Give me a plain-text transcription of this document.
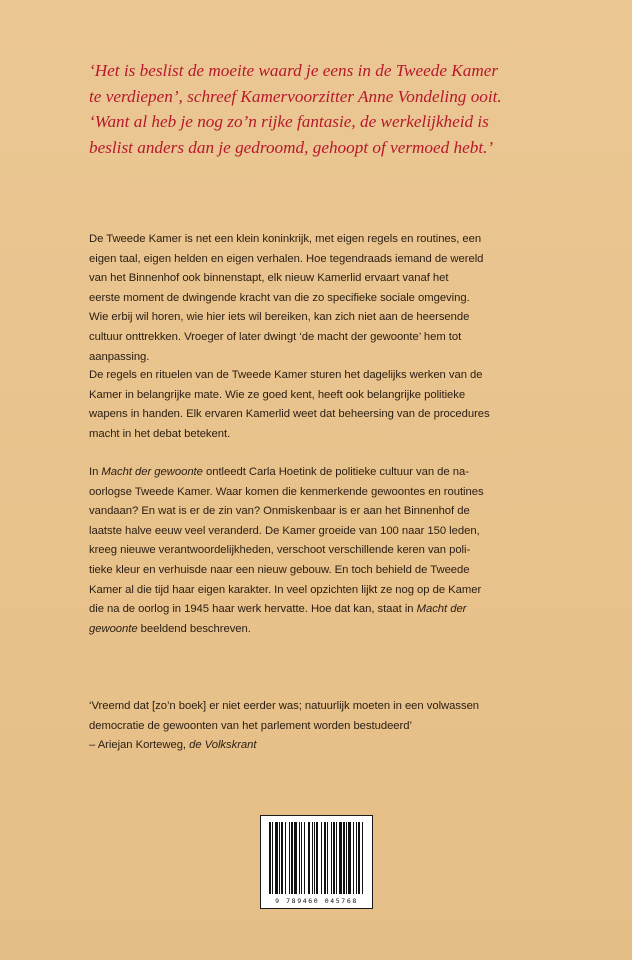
‘Het is beslist de moeite waard je eens in de Tweede Kamer
te verdiepen’, schreef Kamervoorzitter Anne Vondeling ooit.
‘Want al heb je nog zo’n rijke fantasie, de werkelijkheid is
beslist anders dan je gedroomd, gehoopt of vermoed hebt.’

De Tweede Kamer is net een klein koninkrijk, met eigen regels en routines, een
eigen taal, eigen helden en eigen verhalen. Hoe tegendraads iemand de wereld
van het Binnenhof ook binnenstapt, elk nieuw Kamerlid ervaart vanaf het
eerste moment de dwingende kracht van die zo specifieke sociale omgeving.
Wie erbij wil horen, wie hier iets wil bereiken, kan zich niet aan de heersende
cultuur onttrekken. Vroeger of later dwingt ‘de macht der gewoonte’ hem tot
aanpassing.

De regels en rituelen van de Tweede Kamer sturen het dagelijks werken van de
Kamer in belangrijke mate. Wie ze goed kent, heeft ook belangrijke politieke
wapens in handen. Elk ervaren Kamerlid weet dat beheersing van de procedures
macht in het debat betekent.

In Macht der gewoonte ontleedt Carla Hoetink de politieke cultuur van de na-
oorlogse Tweede Kamer. Waar komen die kenmerkende gewoontes en routines
vandaan? En wat is er de zin van? Onmiskenbaar is er aan het Binnenhof de
laatste halve eeuw veel veranderd. De Kamer groeide van 100 naar 150 leden,
kreeg nieuwe verantwoordelijkheden, verschoot verschillende keren van poli-
tieke kleur en verhuisde naar een nieuw gebouw. En toch behield de Tweede
Kamer al die tijd haar eigen karakter. In veel opzichten lijkt ze nog op de Kamer
die na de oorlog in 1945 haar werk hervatte. Hoe dat kan, staat in Macht der
gewoonte beeldend beschreven.

‘Vreemd dat [zo’n boek] er niet eerder was; natuurlijk moeten in een volwassen
democratie de gewoonten van het parlement worden bestudeerd’
– Ariejan Korteweg, de Volkskrant

9 789460 045768
